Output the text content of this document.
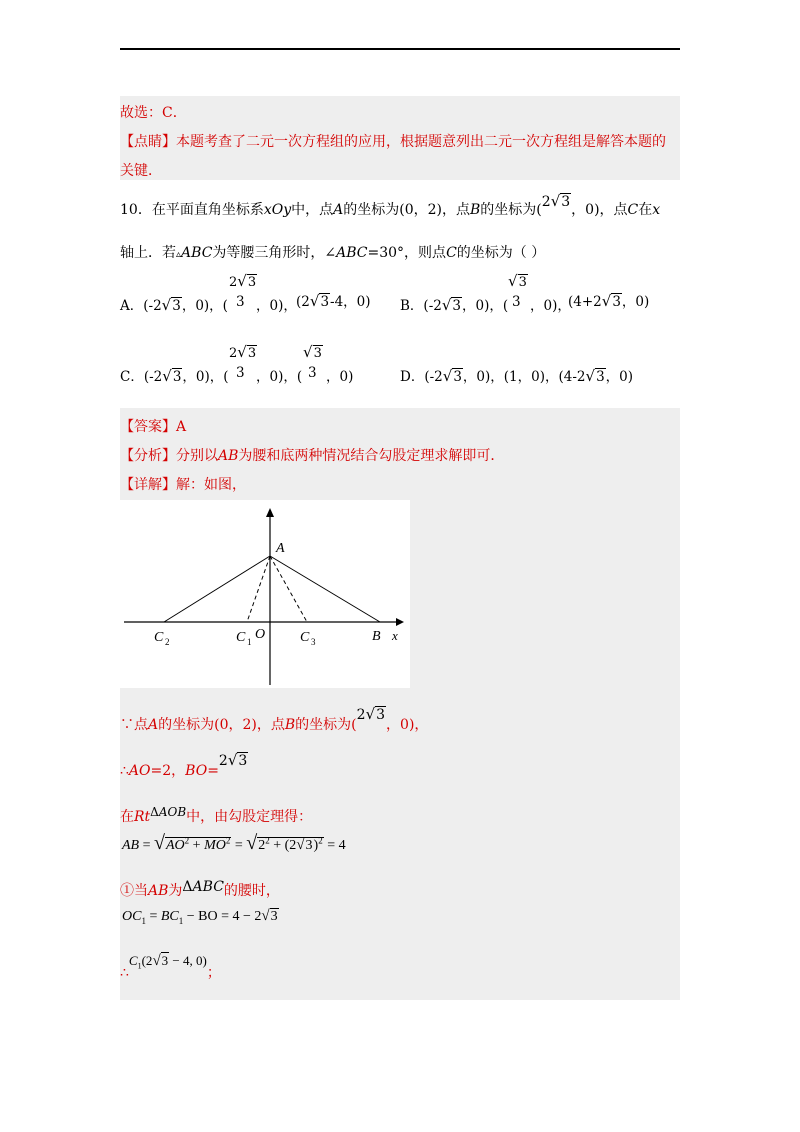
故选：C．
【点睛】本题考查了二元一次方程组的应用，根据题意列出二元一次方程组是解答本题的
关键．
10．在平面直角坐标系xOy中，点A的坐标为(0，2)，点B的坐标为(2√3，0)，点C在x
轴上．若▵ABC为等腰三角形时，∠ABC=30°，则点C的坐标为（ ）
A．(-2√3，0)，(
2√3
3 ，0)， (2√3-4，0) B．(-2√3，0)，(
√3
3 ，0)，
(4+2√3，0)
C．(-2√3，0)，(
2√3
3 ，0)，(
√3
3 ，0)	D．(-2√3，0)，(1，0)，(4-2√3，0)
【答案】A
【分析】分别以AB为腰和底两种情况结合勾股定理求解即可．
【详解】解：如图，
A
O	x
B
C 2	C 1	C 3
∵点A的坐标为(0，2)，点B的坐标为(2√3，0)，
∴AO=2，BO=2√3
在RtΔAOB中，由勾股定理得：
AB = $√AO^2 + MO^2 = √2^2 + (2√3)^2 = 4$
①当AB为ΔABC的腰时，
$OC_1 = BC_1$ − BO = 4 − 2√3
$\therefore C_1(2√3 - 4$, 0)；
